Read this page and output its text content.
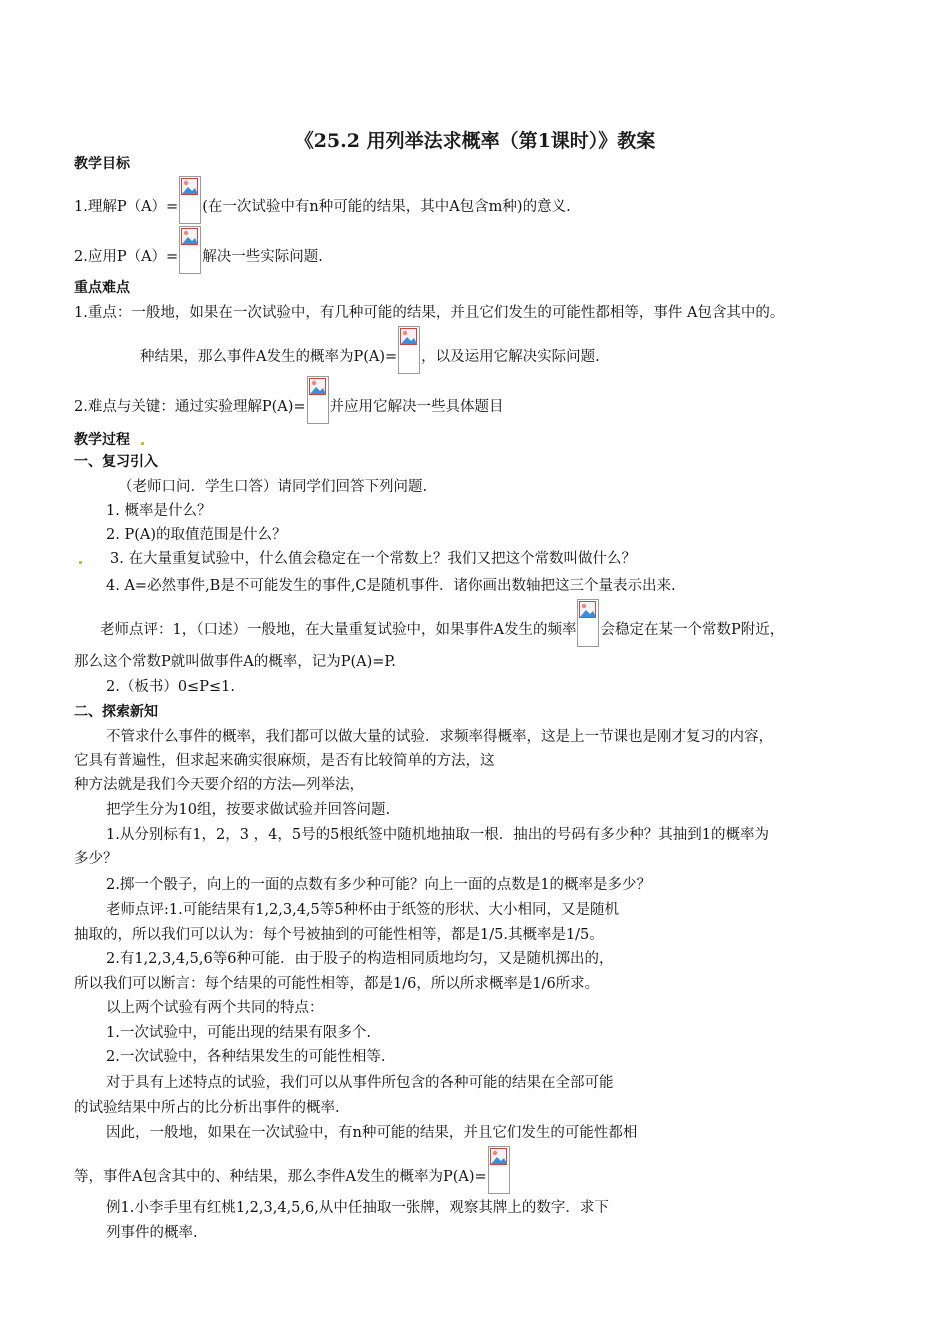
《25.2 用列举法求概率（第1课时）》教案
教学目标
1.理解P（A）= (在一次试验中有n种可能的结果，其中A包含m种)的意义.
2.应用P（A）= 解决一些实际问题.
重点难点
1.重点：一般地，如果在一次试验中，有几种可能的结果，并且它们发生的可能性都相等，事件 A包含其中的。
种结果，那么事件A发生的概率为P(A)= ，以及运用它解决实际问题.
2.难点与关键：通过实验理解P(A)= 并应用它解决一些具体题目
教学过程
一、复习引入
（老师口问．学生口答）请同学们回答下列问题.
1. 概率是什么？
2. P(A)的取值范围是什么？
3. 在大量重复试验中，什么值会稳定在一个常数上？我们又把这个常数叫做什么？
4. A=必然事件,B是不可能发生的事件,C是随机事件．诸你画出数轴把这三个量表示出来.
老师点评：1，（口述）一般地，在大量重复试验中，如果事件A发生的频率 会稳定在某一个常数P附近，
那么这个常数P就叫做事件A的概率，记为P(A)=P.
2.（板书）0≤P≤1.
二、探索新知
不管求什么事件的概率，我们都可以做大量的试验．求频率得概率，这是上一节课也是刚才复习的内容，
它具有普遍性，但求起来确实很麻烦，是否有比较简单的方法，这
种方法就是我们今天要介绍的方法—列举法，
把学生分为10组，按要求做试验并回答问题.
1.从分别标有1，2，3 ，4，5号的5根纸签中随机地抽取一根．抽出的号码有多少种？其抽到1的概率为
多少？
2.掷一个骰子，向上的一面的点数有多少种可能？向上一面的点数是1的概率是多少？
老师点评:1.可能结果有1,2,3,4,5等5种杯由于纸签的形状、大小相同，又是随机
抽取的，所以我们可以认为：每个号被抽到的可能性相等，都是1/5.其概率是1/5。
2.有1,2,3,4,5,6等6种可能．由于股子的构造相同质地均匀，又是随机掷出的，
所以我们可以断言：每个结果的可能性相等，都是1/6，所以所求概率是1/6所求。
以上两个试验有两个共同的特点：
1.一次试验中，可能出现的结果有限多个.
2.一次试验中，各种结果发生的可能性相等.
对于具有上述特点的试验，我们可以从事件所包含的各种可能的结果在全部可能
的试验结果中所占的比分析出事件的概率.
因此，一般地，如果在一次试验中，有n种可能的结果，并且它们发生的可能性都相
等，事件A包含其中的、种结果，那么李件A发生的概率为P(A)=
例1.小李手里有红桃1,2,3,4,5,6,从中任抽取一张牌，观察其牌上的数字．求下
列事件的概率.
